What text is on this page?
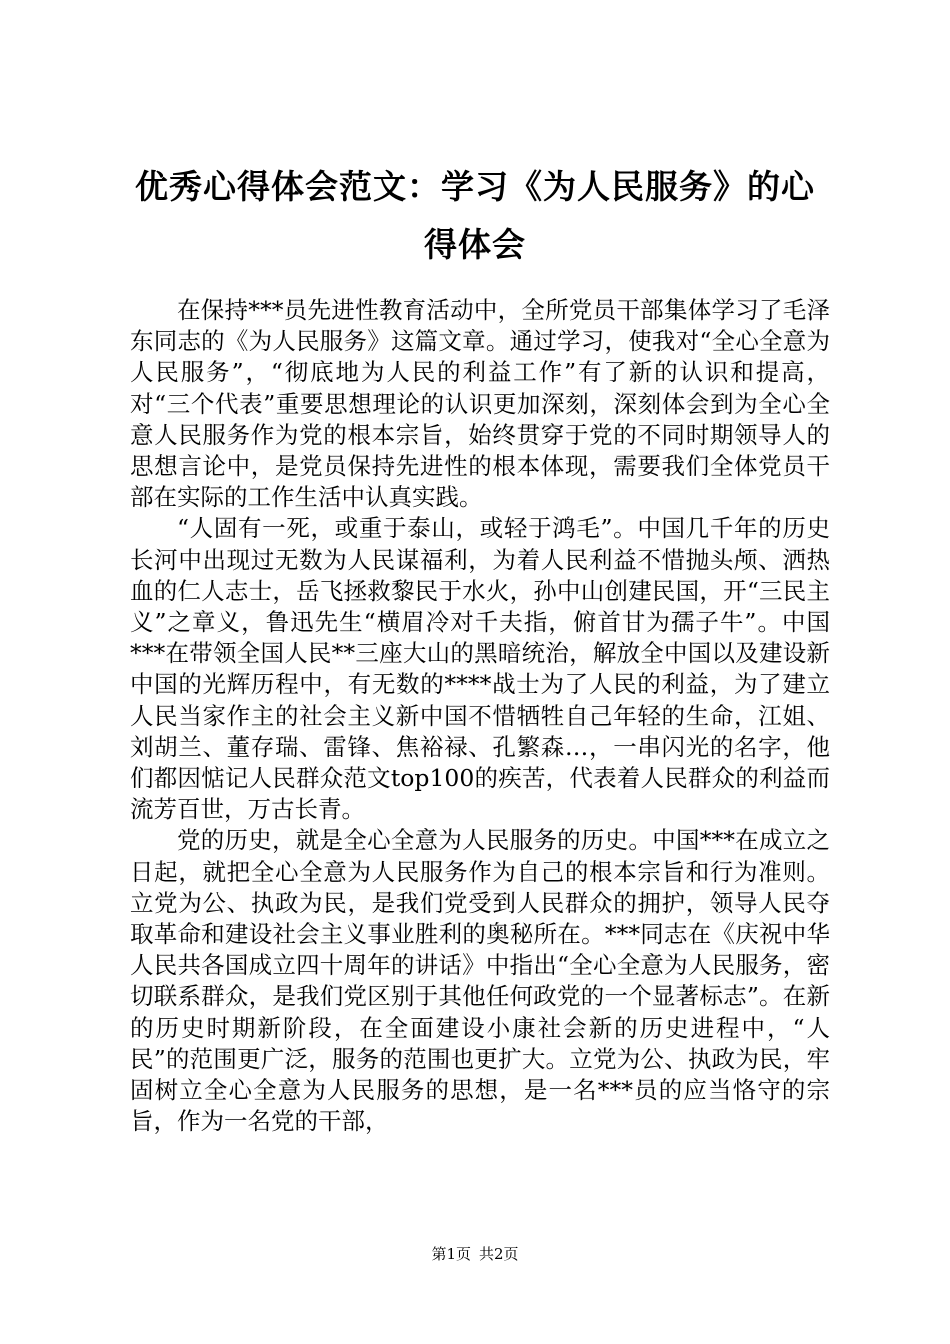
优秀心得体会范文：学习《为人民服务》的心得体会

在保持***员先进性教育活动中，全所党员干部集体学习了毛泽东同志的《为人民服务》这篇文章。通过学习，使我对“全心全意为人民服务”，“彻底地为人民的利益工作”有了新的认识和提高，对“三个代表”重要思想理论的认识更加深刻，深刻体会到为全心全意人民服务作为党的根本宗旨，始终贯穿于党的不同时期领导人的思想言论中，是党员保持先进性的根本体现，需要我们全体党员干部在实际的工作生活中认真实践。

“人固有一死，或重于泰山，或轻于鸿毛”。中国几千年的历史长河中出现过无数为人民谋福利，为着人民利益不惜抛头颅、洒热血的仁人志士，岳飞拯救黎民于水火，孙中山创建民国，开“三民主义”之章义，鲁迅先生“横眉冷对千夫指，俯首甘为孺子牛”。中国***在带领全国人民**三座大山的黑暗统治，解放全中国以及建设新中国的光辉历程中，有无数的****战士为了人民的利益，为了建立人民当家作主的社会主义新中国不惜牺牲自己年轻的生命，江姐、刘胡兰、董存瑞、雷锋、焦裕禄、孔繁森…，一串闪光的名字，他们都因惦记人民群众范文top100的疾苦，代表着人民群众的利益而流芳百世，万古长青。

党的历史，就是全心全意为人民服务的历史。中国***在成立之日起，就把全心全意为人民服务作为自己的根本宗旨和行为准则。立党为公、执政为民，是我们党受到人民群众的拥护，领导人民夺取革命和建设社会主义事业胜利的奥秘所在。***同志在《庆祝中华人民共各国成立四十周年的讲话》中指出“全心全意为人民服务，密切联系群众，是我们党区别于其他任何政党的一个显著标志”。在新的历史时期新阶段，在全面建设小康社会新的历史进程中，“人民”的范围更广泛，服务的范围也更扩大。立党为公、执政为民，牢固树立全心全意为人民服务的思想，是一名***员的应当恪守的宗旨，作为一名党的干部，

第1页 共2页
